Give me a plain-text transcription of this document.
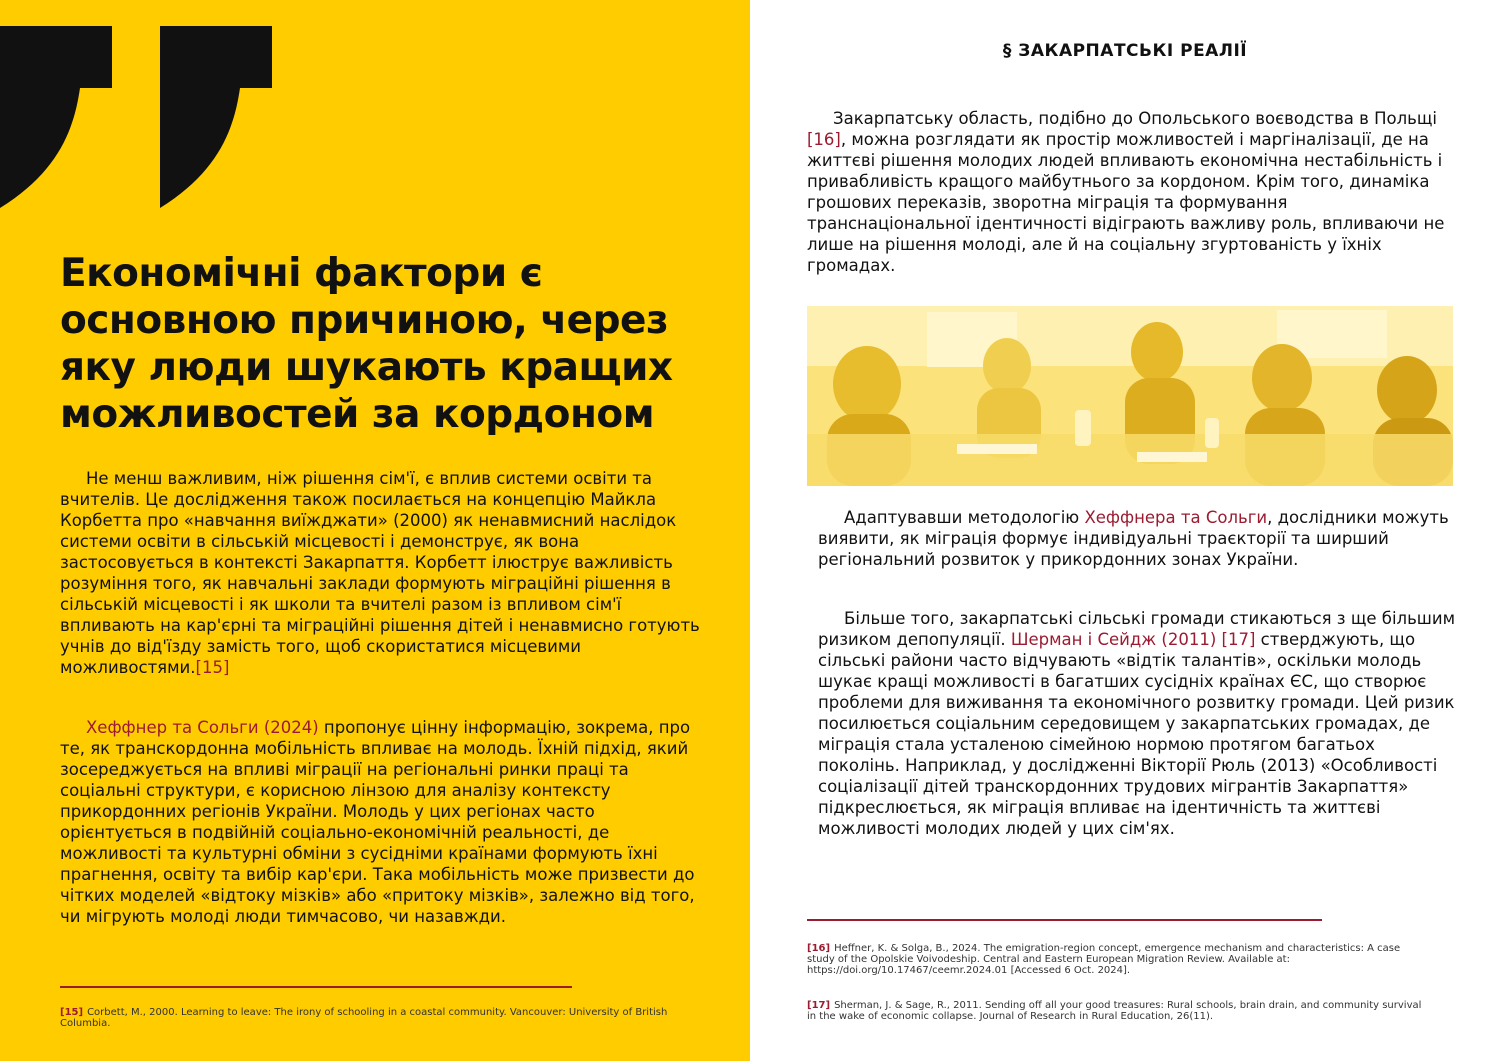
Економічні фактори є основною причиною, через яку люди шукають кращих можливостей за кордоном

Не менш важливим, ніж рішення сім'ї, є вплив системи освіти та вчителів. Це дослідження також посилається на концепцію Майкла Корбетта про «навчання виїжджати» (2000) як ненавмисний наслідок системи освіти в сільській місцевості і демонструє, як вона застосовується в контексті Закарпаття. Корбетт ілюструє важливість розуміння того, як навчальні заклади формують міграційні рішення в сільській місцевості і як школи та вчителі разом із впливом сім'ї впливають на кар'єрні та міграційні рішення дітей і ненавмисно готують учнів до від'їзду замість того, щоб скористатися місцевими можливостями.[15]

Хеффнер та Сольги (2024) пропонує цінну інформацію, зокрема, про те, як транскордонна мобільність впливає на молодь. Їхній підхід, який зосереджується на впливі міграції на регіональні ринки праці та соціальні структури, є корисною лінзою для аналізу контексту прикордонних регіонів України. Молодь у цих регіонах часто орієнтується в подвійній соціально-економічній реальності, де можливості та культурні обміни з сусідніми країнами формують їхні прагнення, освіту та вибір кар'єри. Така мобільність може призвести до чітких моделей «відтоку мізків» або «притоку мізків», залежно від того, чи мігрують молоді люди тимчасово, чи назавжди.

[15] Corbett, M., 2000. Learning to leave: The irony of schooling in a coastal community. Vancouver: University of British Columbia.

§ ЗАКАРПАТСЬКІ РЕАЛІЇ

Закарпатську область, подібно до Опольського воєводства в Польщі [16], можна розглядати як простір можливостей і маргіналізації, де на життєві рішення молодих людей впливають економічна нестабільність і привабливість кращого майбутнього за кордоном. Крім того, динаміка грошових переказів, зворотна міграція та формування транснаціональної ідентичності відіграють важливу роль, впливаючи не лише на рішення молоді, але й на соціальну згуртованість у їхніх громадах.

Адаптувавши методологію Хеффнера та Сольги, дослідники можуть виявити, як міграція формує індивідуальні траєкторії та ширший регіональний розвиток у прикордонних зонах України.

Більше того, закарпатські сільські громади стикаються з ще більшим ризиком депопуляції. Шерман і Сейдж (2011) [17] стверджують, що сільські райони часто відчувають «відтік талантів», оскільки молодь шукає кращі можливості в багатших сусідніх країнах ЄС, що створює проблеми для виживання та економічного розвитку громади. Цей ризик посилюється соціальним середовищем у закарпатських громадах, де міграція стала усталеною сімейною нормою протягом багатьох поколінь. Наприклад, у дослідженні Вікторії Рюль (2013) «Особливості соціалізації дітей транскордонних трудових мігрантів Закарпаття» підкреслюється, як міграція впливає на ідентичність та життєві можливості молодих людей у цих сім'ях.

[16] Heffner, K. & Solga, B., 2024. The emigration-region concept, emergence mechanism and characteristics: A case study of the Opolskie Voivodeship. Central and Eastern European Migration Review. Available at: https://doi.org/10.17467/ceemr.2024.01 [Accessed 6 Oct. 2024].

[17] Sherman, J. & Sage, R., 2011. Sending off all your good treasures: Rural schools, brain drain, and community survival in the wake of economic collapse. Journal of Research in Rural Education, 26(11).
